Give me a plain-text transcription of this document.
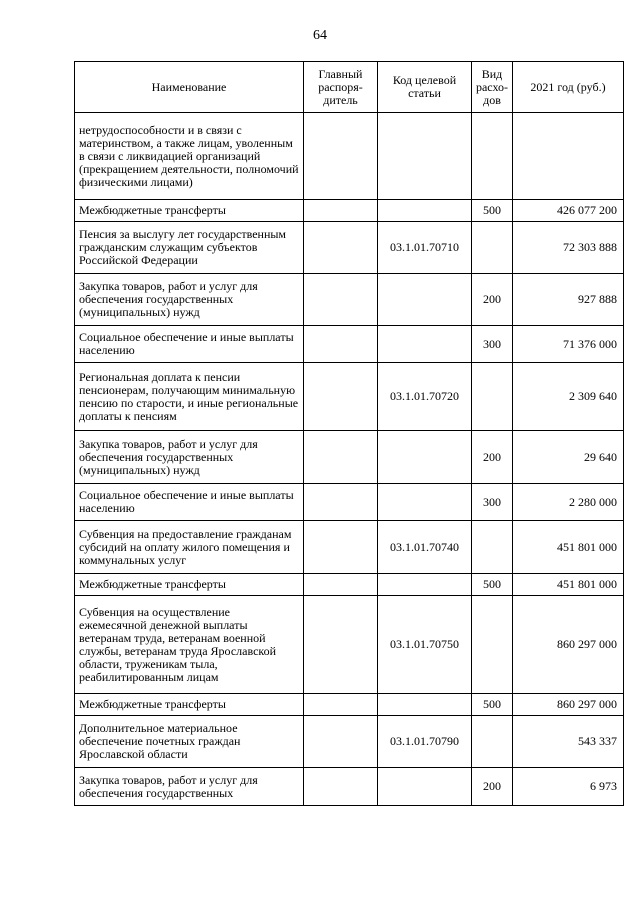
64
Наименование	Главный распоря-дитель	Код целевой статьи	Вид расхо-дов	2021 год (руб.)
нетрудоспособности и в связи с материнством, а также лицам, уволенным в связи с ликвидацией организаций (прекращением деятельности, полномочий физическими лицами)				
Межбюджетные трансферты			500	426 077 200
Пенсия за выслугу лет государственным гражданским служащим субъектов Российской Федерации		03.1.01.70710		72 303 888
Закупка товаров, работ и услуг для обеспечения государственных (муниципальных) нужд			200	927 888
Социальное обеспечение и иные выплаты населению			300	71 376 000
Региональная доплата к пенсии пенсионерам, получающим минимальную пенсию по старости, и иные региональные доплаты к пенсиям		03.1.01.70720		2 309 640
Закупка товаров, работ и услуг для обеспечения государственных (муниципальных) нужд			200	29 640
Социальное обеспечение и иные выплаты населению			300	2 280 000
Субвенция на предоставление гражданам субсидий на оплату жилого помещения и коммунальных услуг		03.1.01.70740		451 801 000
Межбюджетные трансферты			500	451 801 000
Субвенция на осуществление ежемесячной денежной выплаты ветеранам труда, ветеранам военной службы, ветеранам труда Ярославской области, труженикам тыла, реабилитированным лицам		03.1.01.70750		860 297 000
Межбюджетные трансферты			500	860 297 000
Дополнительное материальное обеспечение почетных граждан Ярославской области		03.1.01.70790		543 337
Закупка товаров, работ и услуг для обеспечения государственных			200	6 973
